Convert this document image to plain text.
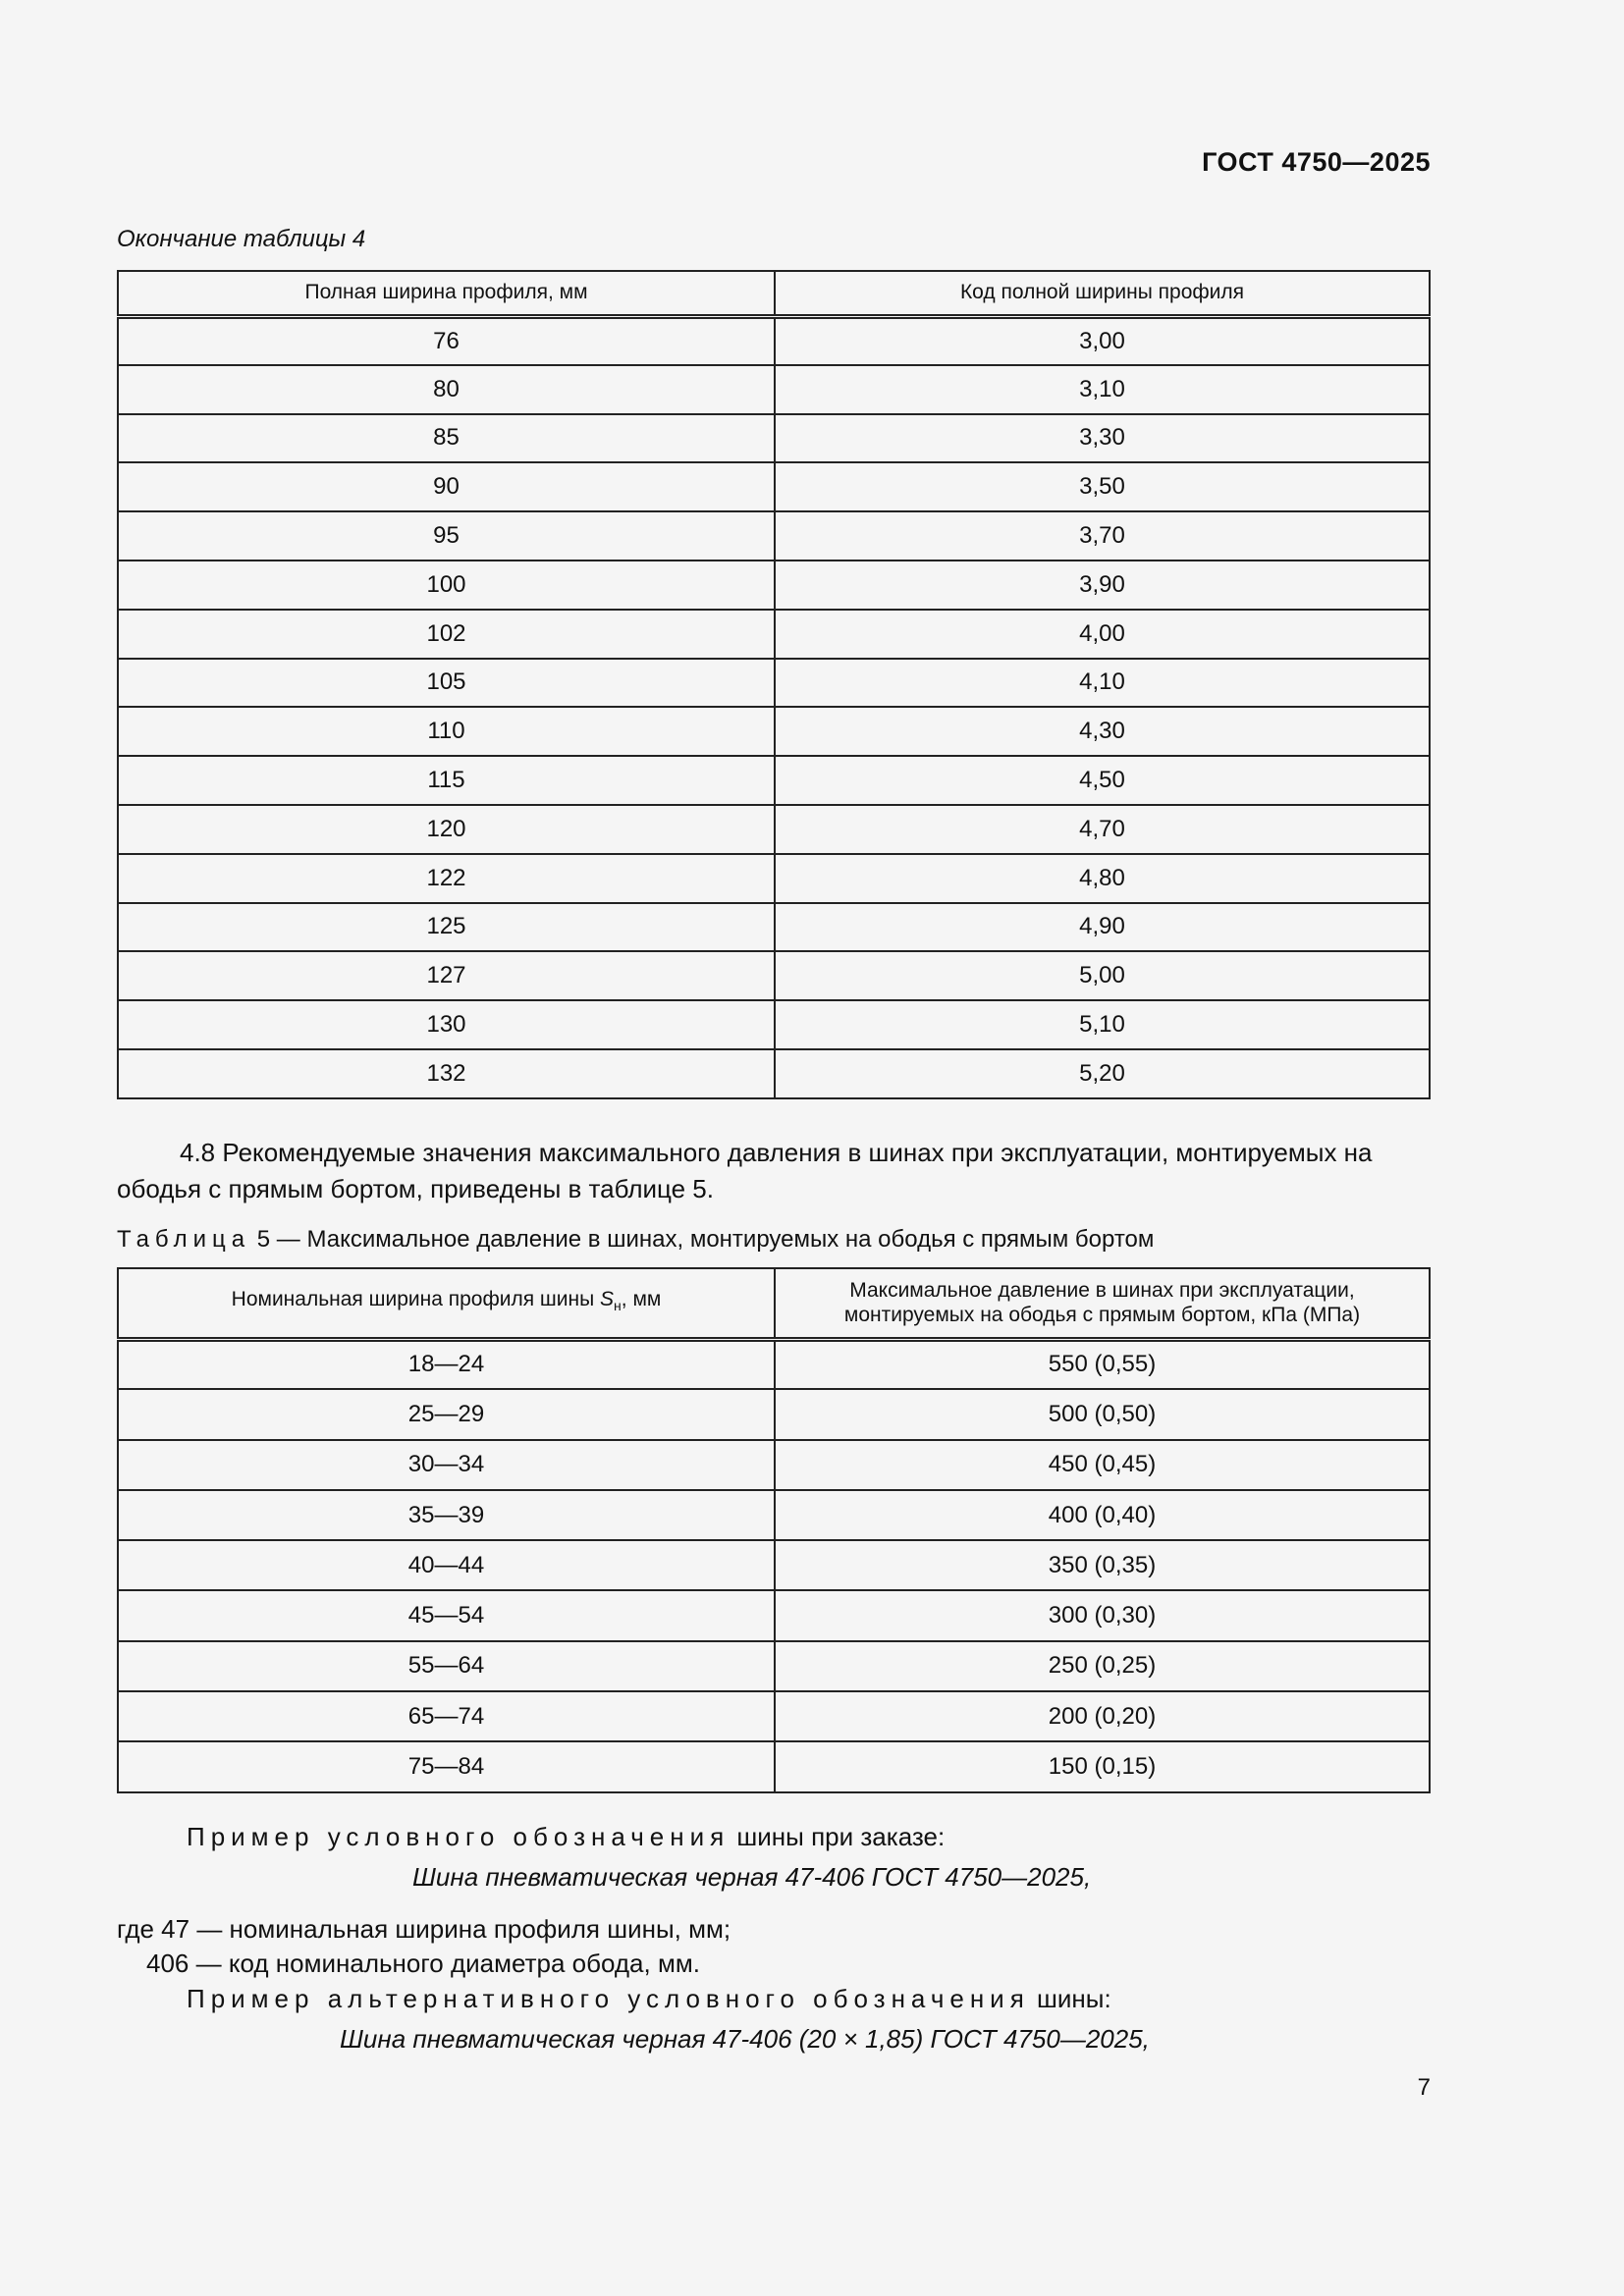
ГОСТ 4750—2025
Окончание таблицы 4
Полная ширина профиля, мм	Код полной ширины профиля
76	3,00
80	3,10
85	3,30
90	3,50
95	3,70
100	3,90
102	4,00
105	4,10
110	4,30
115	4,50
120	4,70
122	4,80
125	4,90
127	5,00
130	5,10
132	5,20
4.8 Рекомендуемые значения максимального давления в шинах при эксплуатации, монтируемых на ободья с прямым бортом, приведены в таблице 5.
Таблица 5 — Максимальное давление в шинах, монтируемых на ободья с прямым бортом
Номинальная ширина профиля шины $S_н$, мм	Максимальное давление в шинах при эксплуатации,
монтируемых на ободья с прямым бортом, кПа (МПа)
18—24	550 (0,55)
25—29	500 (0,50)
30—34	450 (0,45)
35—39	400 (0,40)
40—44	350 (0,35)
45—54	300 (0,30)
55—64	250 (0,25)
65—74	200 (0,20)
75—84	150 (0,15)
Пример условного обозначения шины при заказе:
Шина пневматическая черная 47-406 ГОСТ 4750—2025,
где 47 — номинальная ширина профиля шины, мм;
406 — код номинального диаметра обода, мм.
Пример альтернативного условного обозначения шины:
Шина пневматическая черная 47-406 (20 × 1,85) ГОСТ 4750—2025,
7
